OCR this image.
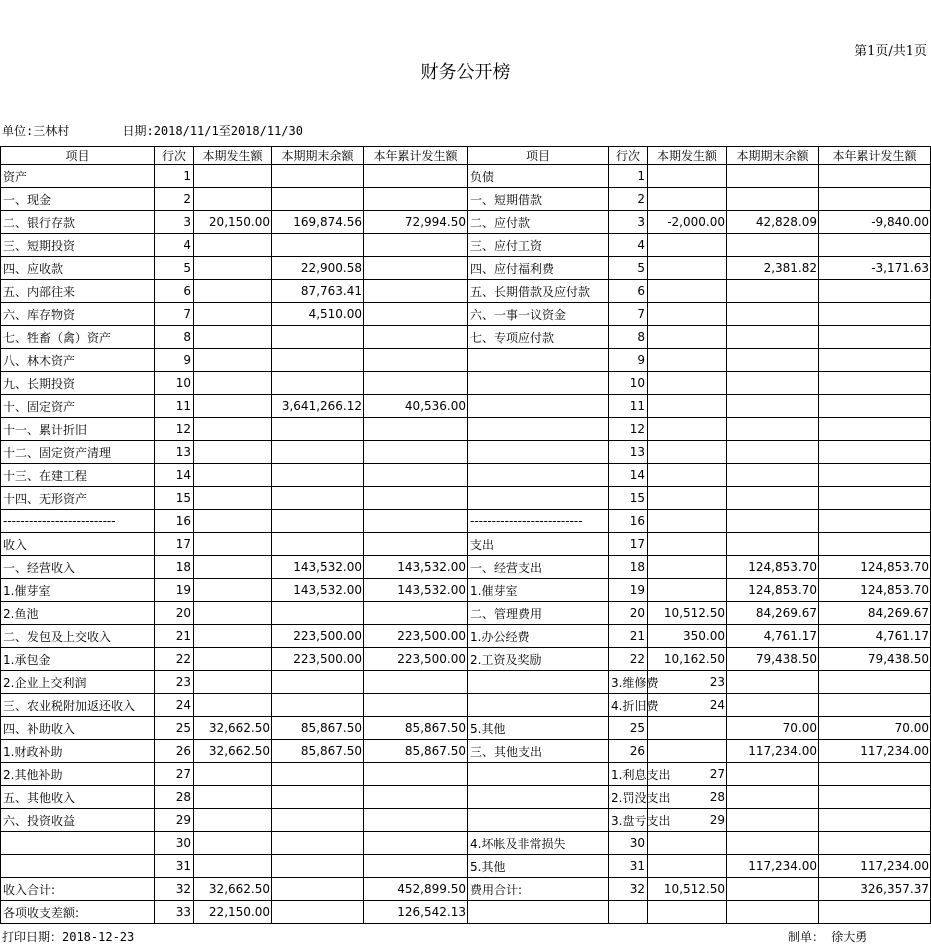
第1页/共1页
财务公开榜
单位:三林村	日期:2018/11/1至2018/11/30
项目	行次	本期发生额	本期期末余额	本年累计发生额	项目	行次	本期发生额	本期期末余额	本年累计发生额	
资产	1				负债	1				
一、现金	2				一、短期借款	2				
二、银行存款	3	20,150.00	169,874.56	72,994.50	二、应付款	3	-2,000.00	42,828.09	-9,840.00	
三、短期投资	4				三、应付工资	4				
四、应收款	5		22,900.58		四、应付福利费	5		2,381.82	-3,171.63	
五、内部往来	6		87,763.41		五、长期借款及应付款	6				
六、库存物资	7		4,510.00		六、一事一议资金	7				
七、牲畜（禽）资产	8				七、专项应付款	8				
八、林木资产	9					9				
九、长期投资	10					10				
十、固定资产	11		3,641,266.12	40,536.00		11				
十一、累计折旧	12					12				
十二、固定资产清理	13					13				
十三、在建工程	14					14				
十四、无形资产	15					15				
--------------------------	16				--------------------------	16				
收入	17				支出	17				
一、经营收入	18		143,532.00	143,532.00	一、经营支出	18		124,853.70	124,853.70	
1.催芽室	19		143,532.00	143,532.00	1.催芽室	19		124,853.70	124,853.70	
2.鱼池	20				二、管理费用	20	10,512.50	84,269.67	84,269.67	
二、发包及上交收入	21		223,500.00	223,500.00	1.办公经费	21	350.00	4,761.17	4,761.17	
1.承包金	22		223,500.00	223,500.00	2.工资及奖励	22	10,162.50	79,438.50	79,438.50	
2.企业上交利润	23					3.维修费	23			
三、农业税附加返还收入	24					4.折旧费	24			
四、补助收入	25	32,662.50	85,867.50	85,867.50	5.其他	25		70.00	70.00	
1.财政补助	26	32,662.50	85,867.50	85,867.50	三、其他支出	26		117,234.00	117,234.00	
2.其他补助	27					1.利息支出	27			
五、其他收入	28					2.罚没支出	28			
六、投资收益	29					3.盘亏支出	29			
	30				4.坏帐及非常损失	30				
	31				5.其他	31		117,234.00	117,234.00	
收入合计:	32	32,662.50		452,899.50	费用合计:	32	10,512.50		326,357.37	
各项收支差额:	33	22,150.00		126,542.13						
打印日期：2018-12-23	制单： 徐大勇
